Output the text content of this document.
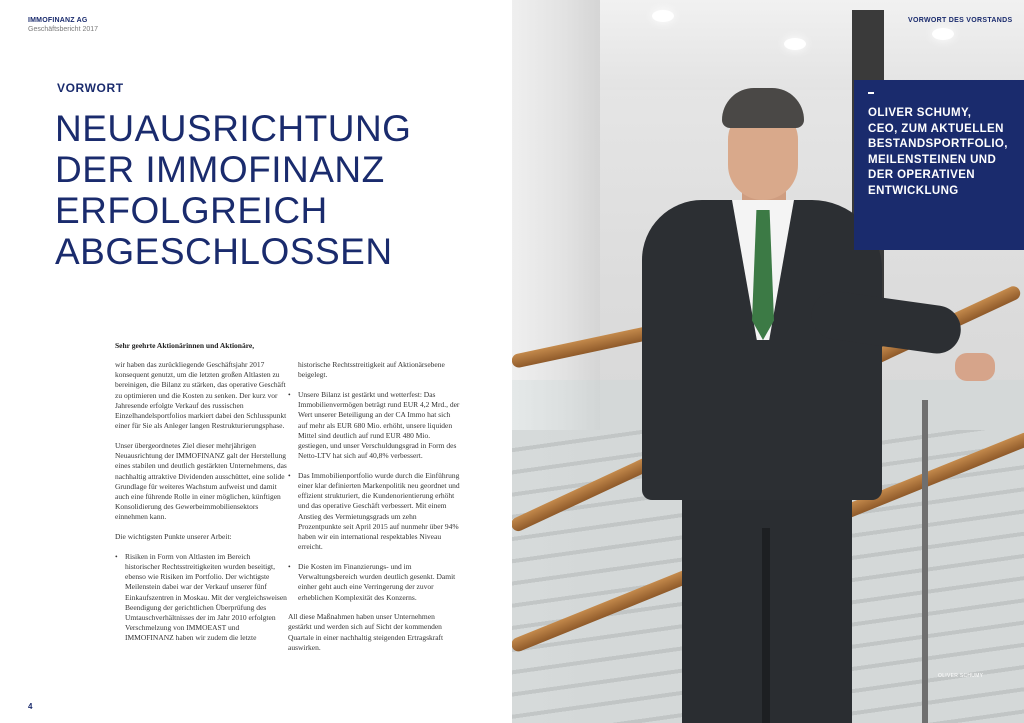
IMMOFINANZ AG
Geschäftsbericht 2017
VORWORT
NEUAUSRICHTUNG
DER IMMOFINANZ
ERFOLGREICH
ABGESCHLOSSEN
Sehr geehrte Aktionärinnen und Aktionäre,

wir haben das zurückliegende Geschäftsjahr 2017 konsequent genutzt, um die letzten großen Altlasten zu bereinigen, die Bilanz zu stärken, das operative Geschäft zu optimieren und die Kosten zu senken. Der kurz vor Jahresende erfolgte Verkauf des russischen Einzelhandelsportfolios markiert dabei den Schlusspunkt einer für Sie als Anleger langen Restrukturierungsphase.

Unser übergeordnetes Ziel dieser mehrjährigen Neuausrichtung der IMMOFINANZ galt der Herstellung eines stabilen und deutlich gestärkten Unternehmens, das nachhaltig attraktive Dividenden ausschüttet, eine solide Grundlage für weiteres Wachstum aufweist und damit auch eine führende Rolle in einer möglichen, künftigen Konsolidierung des Gewerbeimmobiliensektors einnehmen kann.

Die wichtigsten Punkte unserer Arbeit:

• Risiken in Form von Altlasten im Bereich historischer Rechtsstreitigkeiten wurden beseitigt, ebenso wie Risiken im Portfolio. Der wichtigste Meilenstein dabei war der Verkauf unserer fünf Einkaufszentren in Moskau. Mit der vergleichsweisen Beendigung der gerichtlichen Überprüfung des Umtauschverhältnisses der im Jahr 2010 erfolgten Verschmelzung von IMMOEAST und IMMOFINANZ haben wir zudem die letzte

historische Rechtsstreitigkeit auf Aktionärsebene beigelegt.

• Unsere Bilanz ist gestärkt und wetterfest: Das Immobilienvermögen beträgt rund EUR 4,2 Mrd., der Wert unserer Beteiligung an der CA Immo hat sich auf mehr als EUR 680 Mio. erhöht, unsere liquiden Mittel sind deutlich auf rund EUR 480 Mio. gestiegen, und unser Verschuldungsgrad in Form des Netto-LTV hat sich auf 40,8% verbessert.
• Das Immobilienportfolio wurde durch die Einführung einer klar definierten Markenpolitik neu geordnet und effizient strukturiert, die Kundenorientierung erhöht und das operative Geschäft verbessert. Mit einem Anstieg des Vermietungsgrads um zehn Prozentpunkte seit April 2015 auf nunmehr über 94% haben wir ein international respektables Niveau erreicht.
• Die Kosten im Finanzierungs- und im Verwaltungsbereich wurden deutlich gesenkt. Damit einher geht auch eine Verringerung der zuvor erheblichen Komplexität des Konzerns.

All diese Maßnahmen haben unser Unternehmen gestärkt und werden sich auf Sicht der kommenden Quartale in einer nachhaltig steigenden Ertragskraft auswirken.

4
VORWORT DES VORSTANDS
OLIVER SCHUMY,
CEO, ZUM AKTUELLEN
BESTANDSPORTFOLIO,
MEILENSTEINEN UND
DER OPERATIVEN
ENTWICKLUNG
OLIVER SCHUMY
